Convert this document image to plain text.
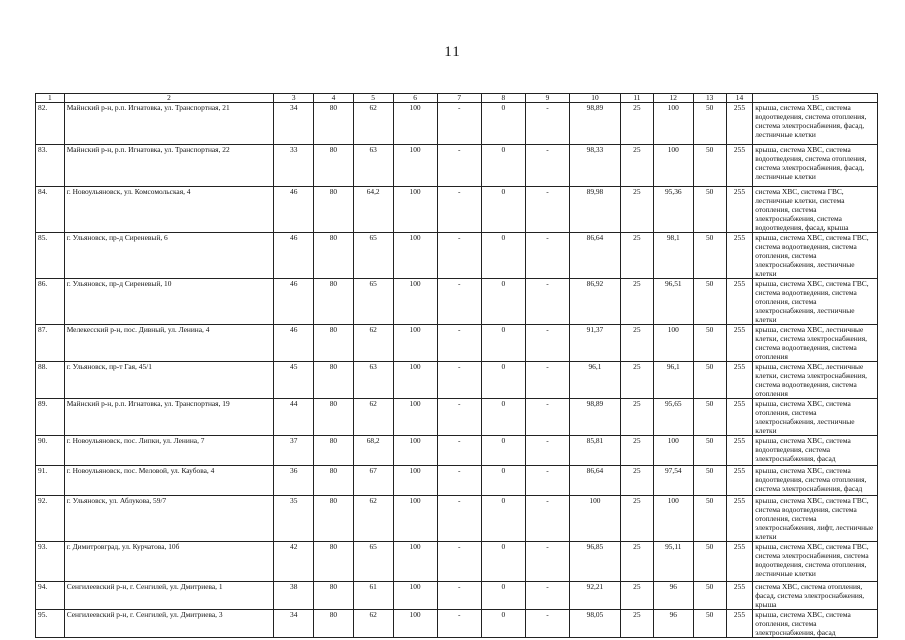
11
1	2	3	4	5	6	7	8	9	10	11	12	13	14	15
82.	Майнский р-н, р.п. Игнатовка, ул. Транспортная, 21	34	80	62	100	-	0	-	98,89	25	100	50	255	крыша, система ХВС, система водоотведения, система отопления, система электроснабжения, фасад, лестничные клетки
83.	Майнский р-н, р.п. Игнатовка, ул. Транспортная, 22	33	80	63	100	-	0	-	98,33	25	100	50	255	крыша, система ХВС, система водоотведения, система отопления, система электроснабжения, фасад, лестничные клетки
84.	г. Новоульяновск, ул. Комсомольская, 4	46	80	64,2	100	-	0	-	89,98	25	95,36	50	255	система ХВС, система ГВС, лестничные клетки, система отопления, система электроснабжения, система водоотведения, фасад, крыша
85.	г. Ульяновск, пр-д Сиреневый, 6	46	80	65	100	-	0	-	86,64	25	98,1	50	255	крыша, система ХВС, система ГВС, система водоотведения, система отопления, система электроснабжения, лестничные клетки
86.	г. Ульяновск, пр-д Сиреневый, 10	46	80	65	100	-	0	-	86,92	25	96,51	50	255	крыша, система ХВС, система ГВС, система водоотведения, система отопления, система электроснабжения, лестничные клетки
87.	Мелекесский р-н, пос. Дивный, ул. Ленина, 4	46	80	62	100	-	0	-	91,37	25	100	50	255	крыша, система ХВС, лестничные клетки, система электроснабжения, система водоотведения, система отопления
88.	г. Ульяновск, пр-т Гая, 45/1	45	80	63	100	-	0	-	96,1	25	96,1	50	255	крыша, система ХВС, лестничные клетки, система электроснабжения, система водоотведения, система отопления
89.	Майнский р-н, р.п. Игнатовка, ул. Транспортная, 19	44	80	62	100	-	0	-	98,89	25	95,65	50	255	крыша, система ХВС, система отопления, система электроснабжения, лестничные клетки
90.	г. Новоульяновск, пос. Липки, ул. Ленина, 7	37	80	68,2	100	-	0	-	85,81	25	100	50	255	крыша, система ХВС, система водоотведения, система электроснабжения, фасад
91.	г. Новоульяновск, пос. Меловой, ул. Каубова, 4	36	80	67	100	-	0	-	86,64	25	97,54	50	255	крыша, система ХВС, система водоотведения, система отопления, система электроснабжения, фасад
92.	г. Ульяновск, ул. Аблукова, 59/7	35	80	62	100	-	0	-	100	25	100	50	255	крыша, система ХВС, система ГВС, система водоотведения, система отопления, система электроснабжения, лифт, лестничные клетки
93.	г. Димитровград, ул. Курчатова, 10б	42	80	65	100	-	0	-	96,85	25	95,11	50	255	крыша, система ХВС, система ГВС, система электроснабжения, система водоотведения, система отопления, лестничные клетки
94.	Сенгилеевский р-н, г. Сенгилей, ул. Дмитриева, 1	38	80	61	100	-	0	-	92,21	25	96	50	255	система ХВС, система отопления, фасад, система электроснабжения, крыша
95.	Сенгилеевский р-н, г. Сенгилей, ул. Дмитриева, 3	34	80	62	100	-	0	-	98,05	25	96	50	255	крыша, система ХВС, система отопления, система электроснабжения, фасад
